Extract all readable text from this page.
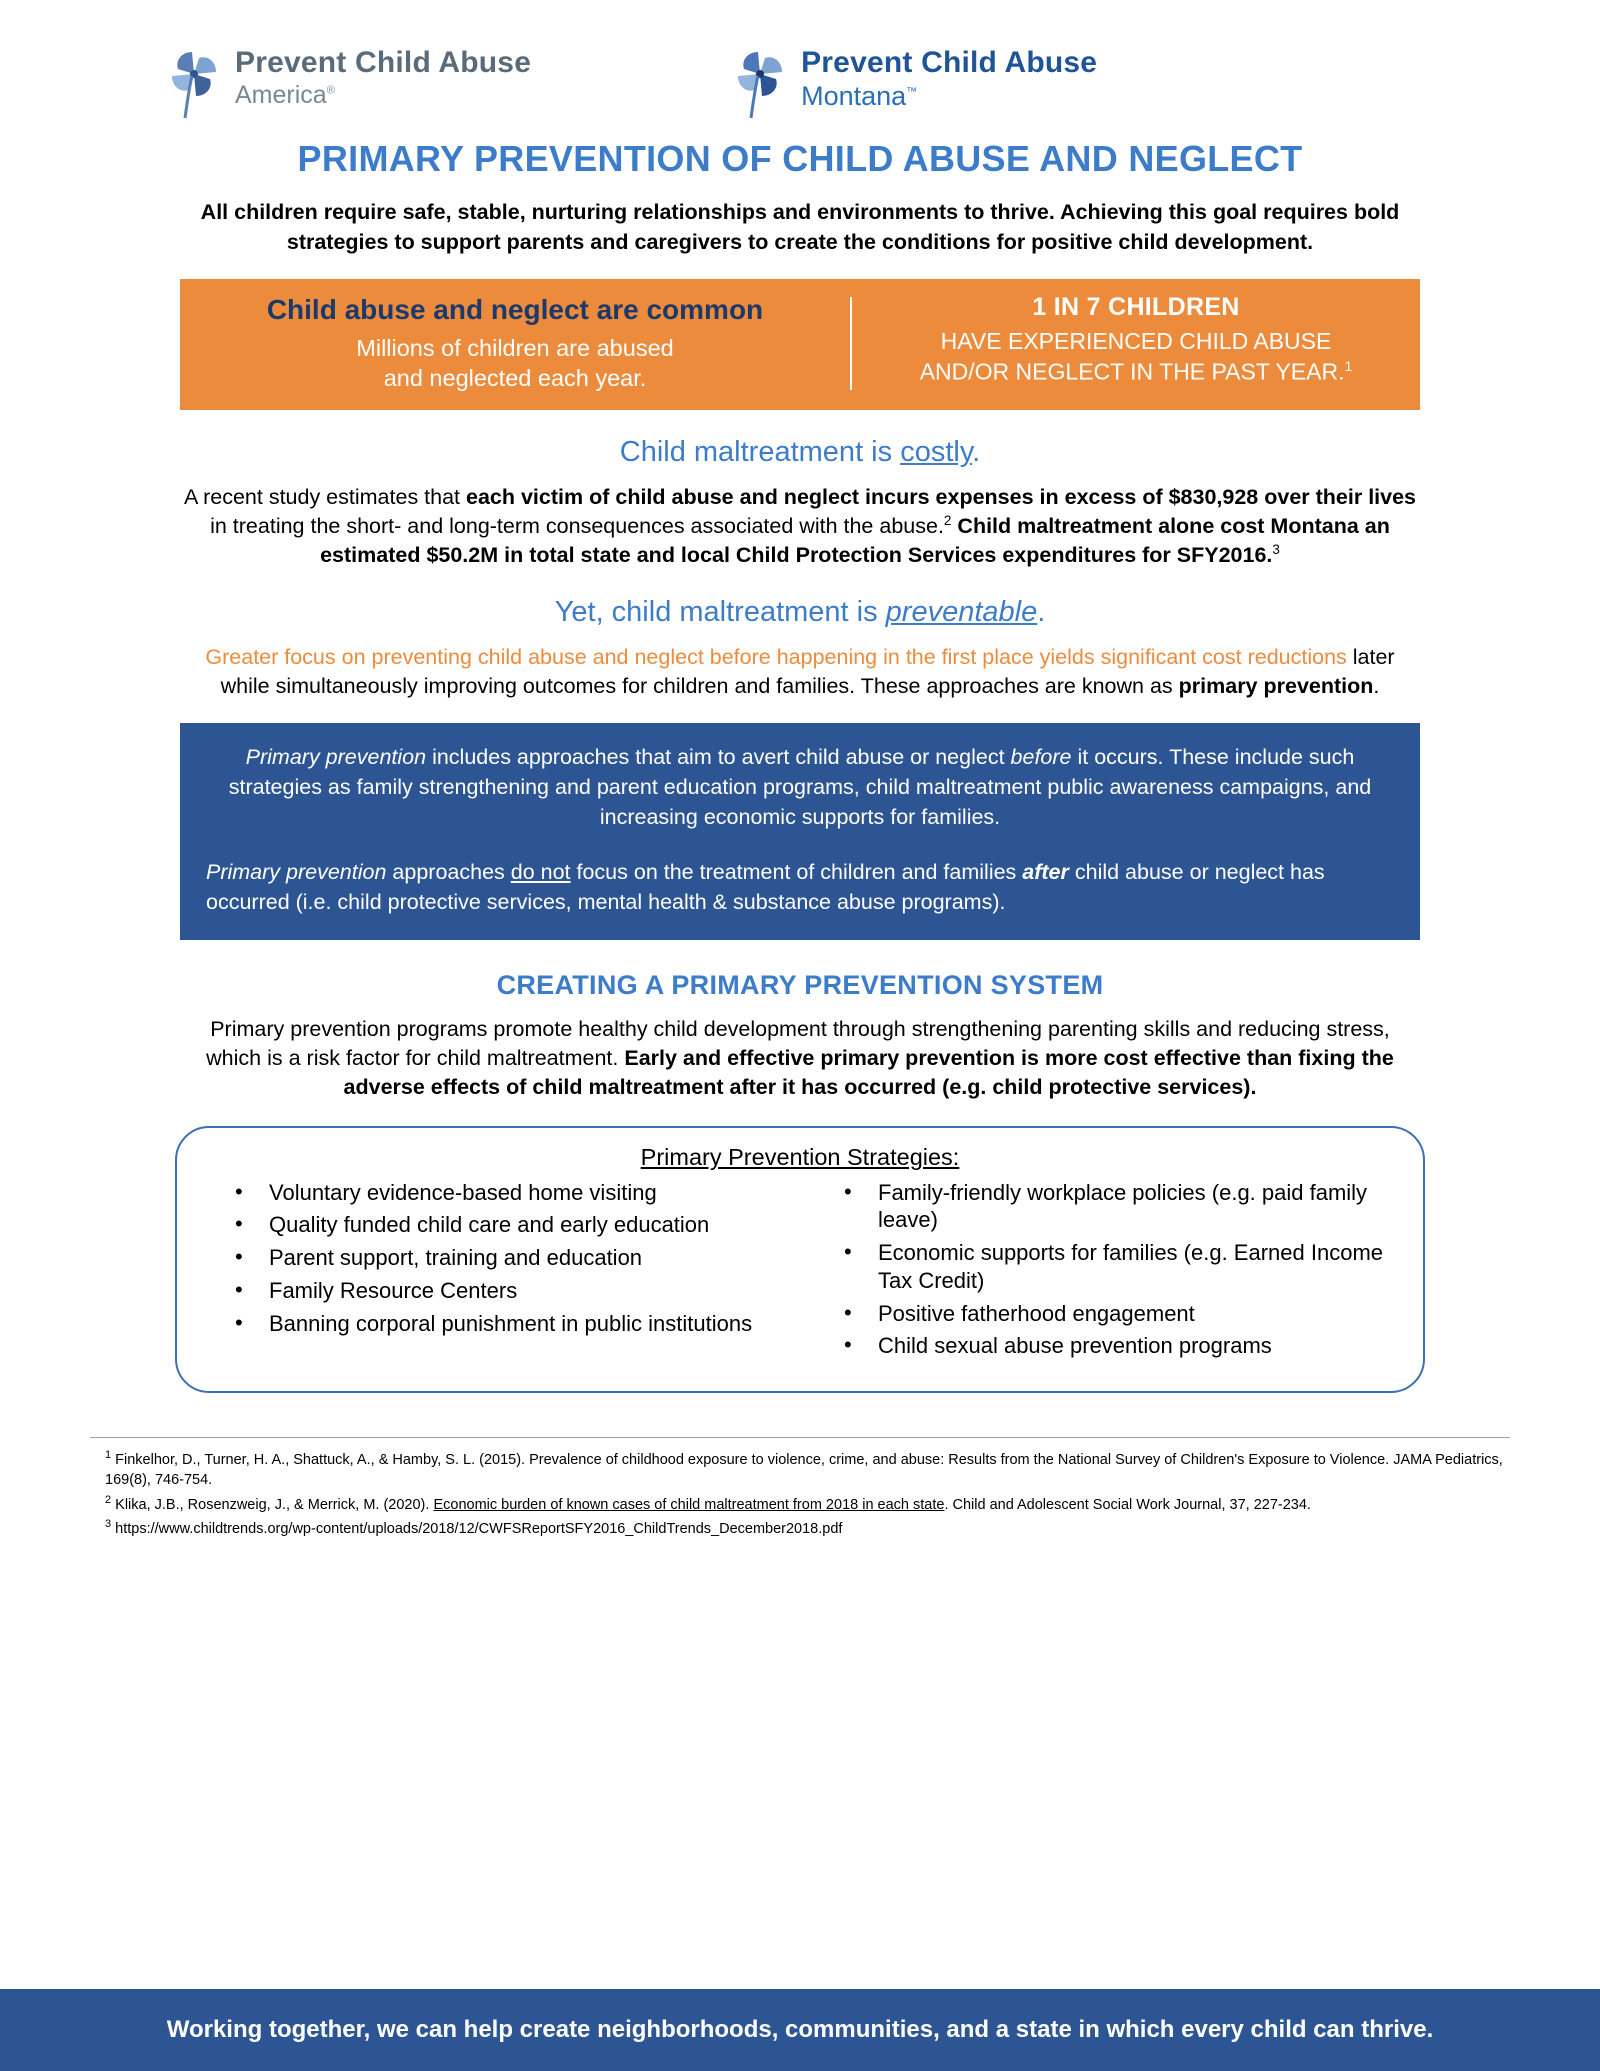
Prevent Child Abuse
America®
Prevent Child Abuse
Montana™
PRIMARY PREVENTION OF CHILD ABUSE AND NEGLECT
All children require safe, stable, nurturing relationships and environments to thrive. Achieving this goal requires bold strategies to support parents and caregivers to create the conditions for positive child development.
Child abuse and neglect are common
Millions of children are abused
and neglected each year.
1 IN 7 CHILDREN
HAVE EXPERIENCED CHILD ABUSE
AND/OR NEGLECT IN THE PAST YEAR.$^1$
Child maltreatment is costly.
A recent study estimates that each victim of child abuse and neglect incurs expenses in excess of $830,928 over their lives in treating the short- and long-term consequences associated with the abuse.$^2$ Child maltreatment alone cost Montana an estimated $50.2M in total state and local Child Protection Services expenditures for SFY2016.$^3$
Yet, child maltreatment is preventable.
Greater focus on preventing child abuse and neglect before happening in the first place yields significant cost reductions later while simultaneously improving outcomes for children and families. These approaches are known as primary prevention.

Primary prevention includes approaches that aim to avert child abuse or neglect before it occurs. These include such strategies as family strengthening and parent education programs, child maltreatment public awareness campaigns, and increasing economic supports for families.

Primary prevention approaches do not focus on the treatment of children and families after child abuse or neglect has occurred (i.e. child protective services, mental health & substance abuse programs).

CREATING A PRIMARY PREVENTION SYSTEM
Primary prevention programs promote healthy child development through strengthening parenting skills and reducing stress, which is a risk factor for child maltreatment. Early and effective primary prevention is more cost effective than fixing the adverse effects of child maltreatment after it has occurred (e.g. child protective services).
Primary Prevention Strategies:
• Voluntary evidence-based home visiting
• Quality funded child care and early education
• Parent support, training and education
• Family Resource Centers
• Banning corporal punishment in public institutions
• Family-friendly workplace policies (e.g. paid family leave)
• Economic supports for families (e.g. Earned Income Tax Credit)
• Positive fatherhood engagement
• Child sexual abuse prevention programs

$^1$ Finkelhor, D., Turner, H. A., Shattuck, A., & Hamby, S. L. (2015). Prevalence of childhood exposure to violence, crime, and abuse: Results from the National Survey of Children's Exposure to Violence. JAMA Pediatrics, 169(8), 746-754.

$^2$ Klika, J.B., Rosenzweig, J., & Merrick, M. (2020). Economic burden of known cases of child maltreatment from 2018 in each state. Child and Adolescent Social Work Journal, 37, 227-234.

$^3$ https://www.childtrends.org/wp-content/uploads/2018/12/CWFSReportSFY2016_ChildTrends_December2018.pdf

Working together, we can help create neighborhoods, communities, and a state in which every child can thrive.
